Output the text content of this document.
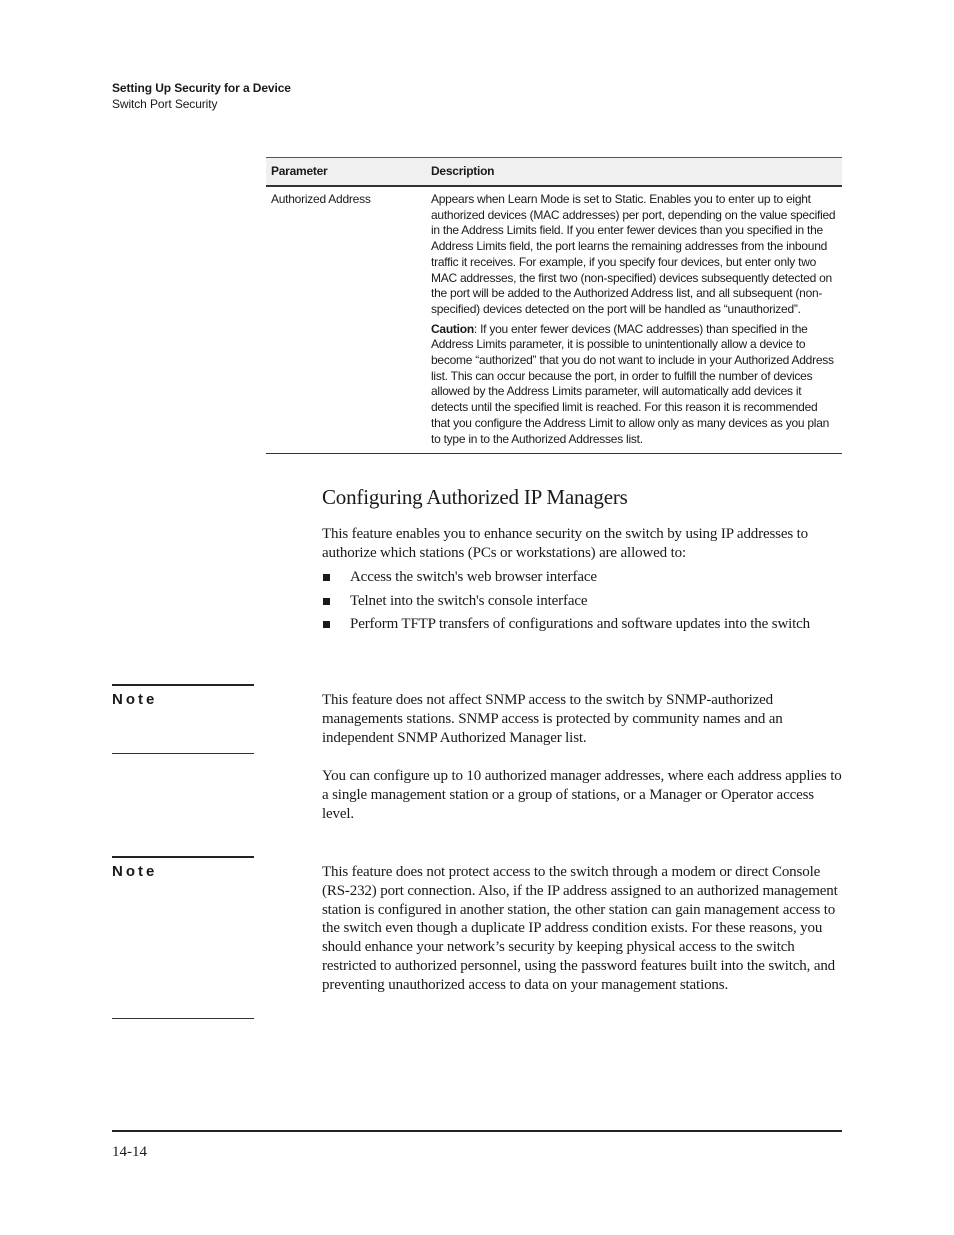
Setting Up Security for a Device
Switch Port Security
Parameter	Description
Authorized Address	Appears when Learn Mode is set to Static. Enables you to enter up to eight authorized devices (MAC addresses) per port, depending on the value specified in the Address Limits field. If you enter fewer devices than you specified in the Address Limits field, the port learns the remaining addresses from the inbound traffic it receives. For example, if you specify four devices, but enter only two MAC addresses, the first two (non-specified) devices subsequently detected on the port will be added to the Authorized Address list, and all subsequent (non-specified) devices detected on the port will be handled as “unauthorized”.

Caution: If you enter fewer devices (MAC addresses) than specified in the Address Limits parameter, it is possible to unintentionally allow a device to become “authorized” that you do not want to include in your Authorized Address list. This can occur because the port, in order to fulfill the number of devices allowed by the Address Limits parameter, will automatically add devices it detects until the specified limit is reached. For this reason it is recommended that you configure the Address Limit to allow only as many devices as you plan to type in to the Authorized Addresses list.

Configuring Authorized IP Managers

This feature enables you to enhance security on the switch by using IP addresses to authorize which stations (PCs or workstations) are allowed to:

Access the switch's web browser interface
Telnet into the switch's console interface
Perform TFTP transfers of configurations and software updates into the switch
Note	This feature does not affect SNMP access to the switch by SNMP-authorized managements stations. SNMP access is protected by community names and an independent SNMP Authorized Manager list.

You can configure up to 10 authorized manager addresses, where each address applies to a single management station or a group of stations, or a Manager or Operator access level.

Note	This feature does not protect access to the switch through a modem or direct Console (RS-232) port connection. Also, if the IP address assigned to an authorized management station is configured in another station, the other station can gain management access to the switch even though a duplicate IP address condition exists. For these reasons, you should enhance your network’s security by keeping physical access to the switch restricted to authorized personnel, using the password features built into the switch, and preventing unauthorized access to data on your management stations.

14-14
